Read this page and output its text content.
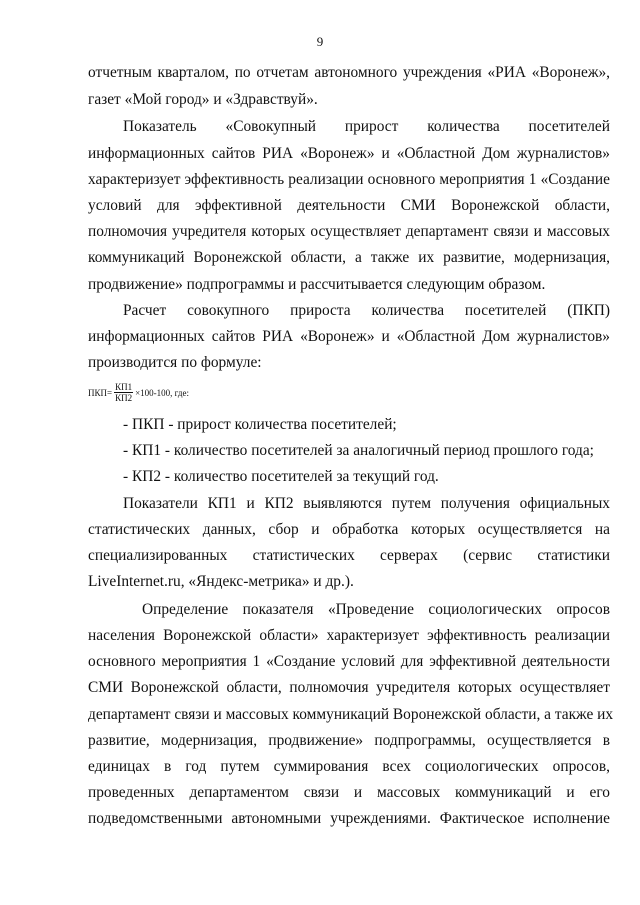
9
отчетным кварталом, по отчетам автономного учреждения «РИА «Воронеж»,
газет «Мой город» и «Здравствуй».
Показатель «Совокупный прирост количества посетителей
информационных сайтов РИА «Воронеж» и «Областной Дом журналистов»
характеризует эффективность реализации основного мероприятия 1 «Создание
условий для эффективной деятельности СМИ Воронежской области,
полномочия учредителя которых осуществляет департамент связи и массовых
коммуникаций Воронежской области, а также их развитие, модернизация,
продвижение» подпрограммы и рассчитывается следующим образом.
Расчет совокупного прироста количества посетителей (ПКП)
информационных сайтов РИА «Воронеж» и «Областной Дом журналистов»
производится по формуле:
$ПКП= \frac{КП1}{КП2} \times 100-100$, где:
- ПКП - прирост количества посетителей;
- КП1 - количество посетителей за аналогичный период прошлого года;
- КП2 - количество посетителей за текущий год.
Показатели КП1 и КП2 выявляются путем получения официальных
статистических данных, сбор и обработка которых осуществляется на
специализированных статистических серверах (сервис статистики
LiveInternet.ru, «Яндекс-метрика» и др.).
Определение показателя «Проведение социологических опросов
населения Воронежской области» характеризует эффективность реализации
основного мероприятия 1 «Создание условий для эффективной деятельности
СМИ Воронежской области, полномочия учредителя которых осуществляет
департамент связи и массовых коммуникаций Воронежской области, а также их
развитие, модернизация, продвижение» подпрограммы, осуществляется в
единицах в год путем суммирования всех социологических опросов,
проведенных департаментом связи и массовых коммуникаций и его
подведомственными автономными учреждениями. Фактическое исполнение
